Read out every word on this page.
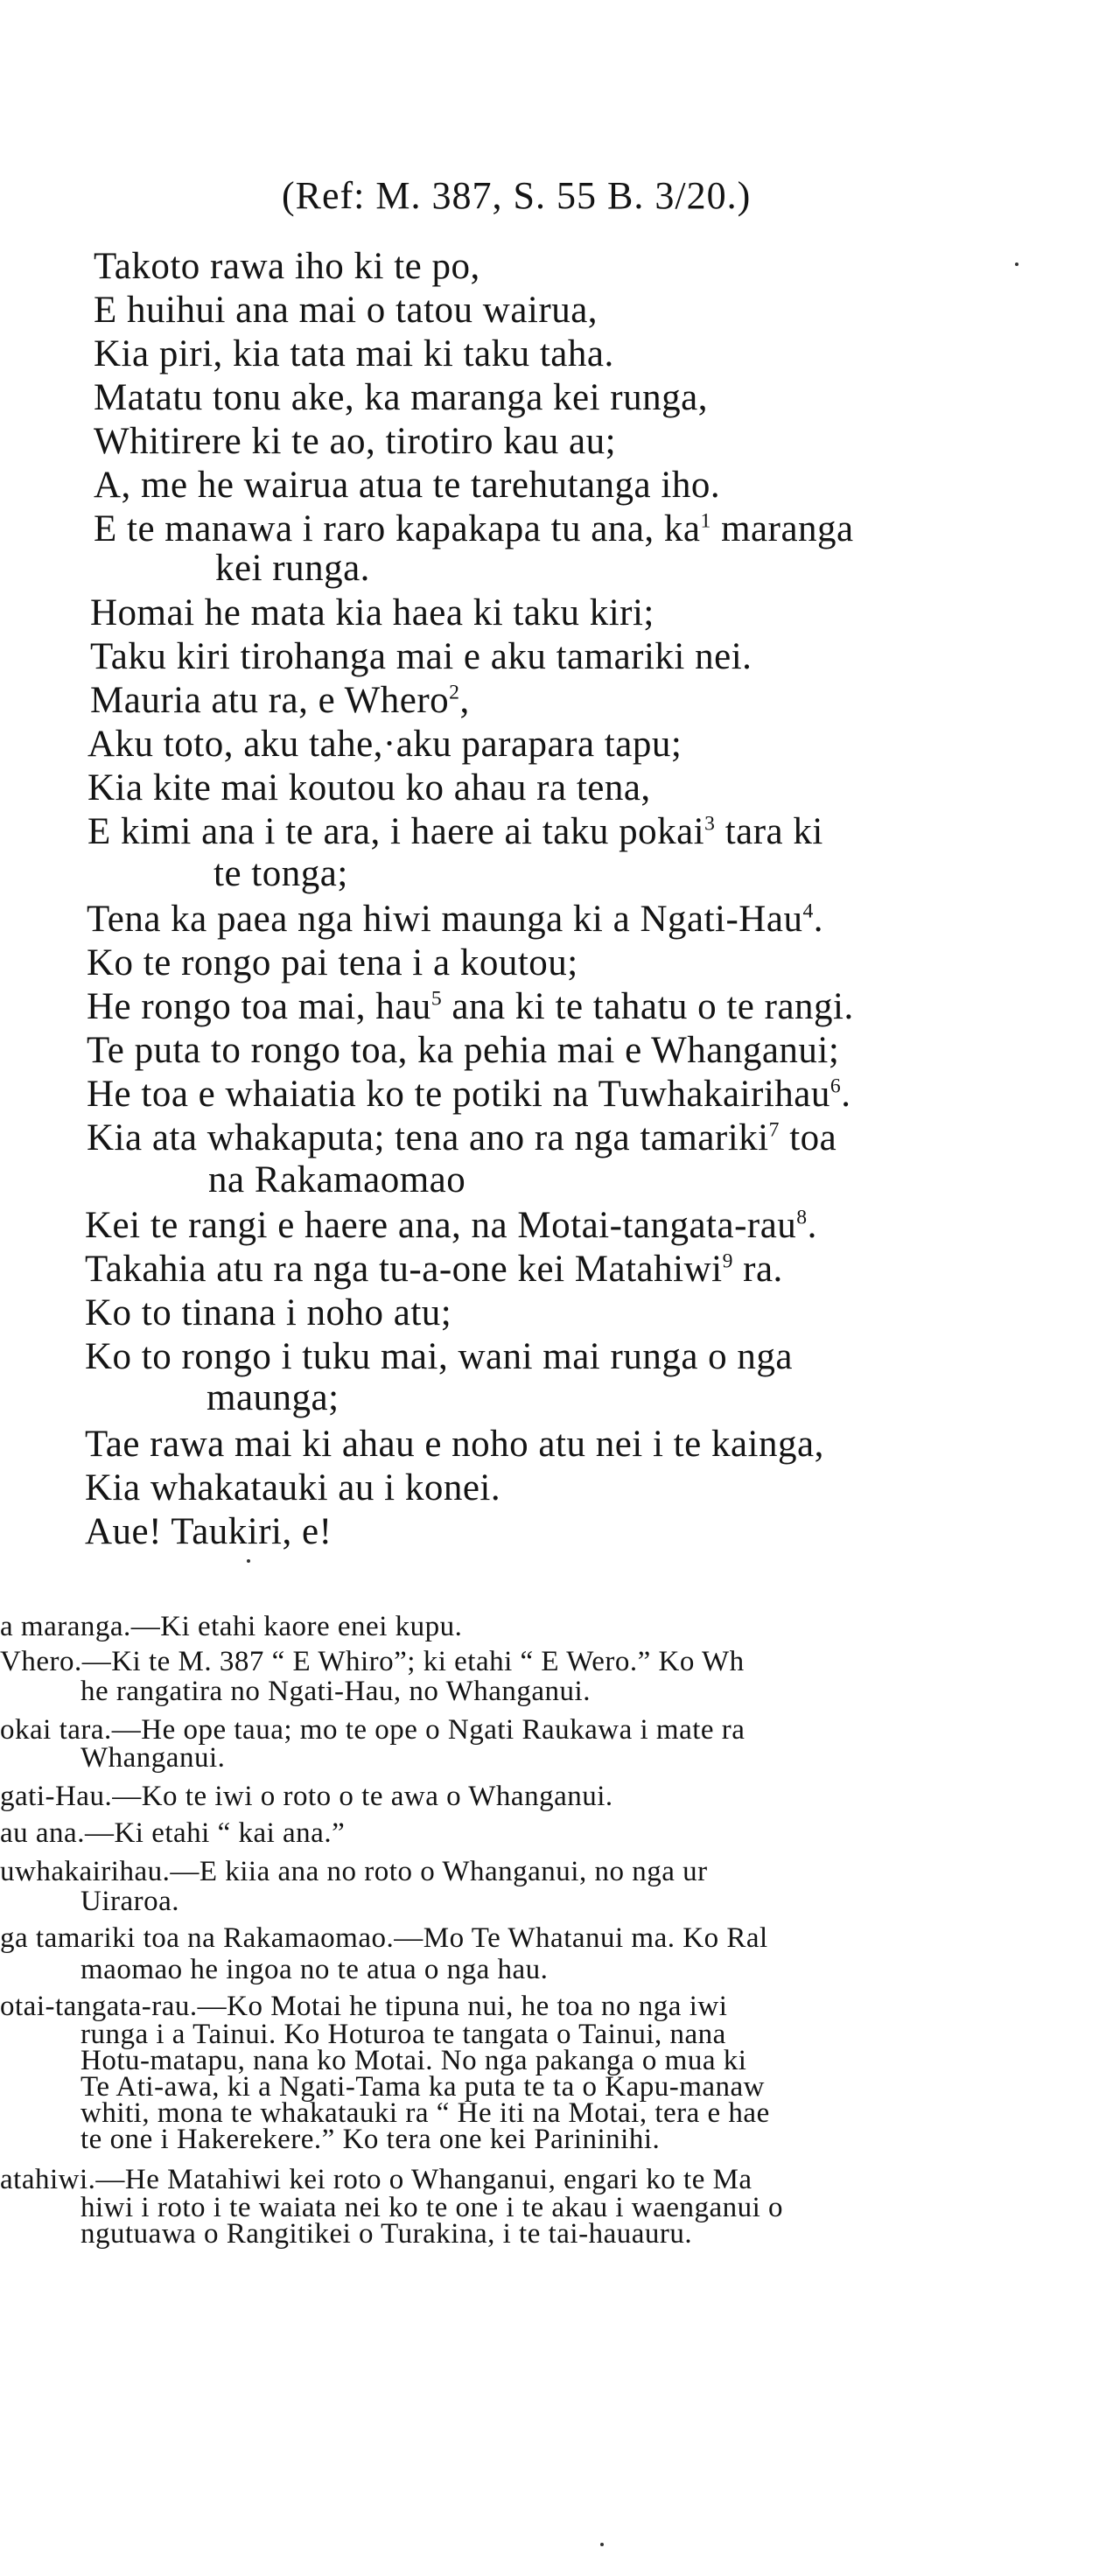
(Ref: M. 387, S. 55 B. 3/20.)
Takoto rawa iho ki te po,
E huihui ana mai o tatou wairua,
Kia piri, kia tata mai ki taku taha.
Matatu tonu ake, ka maranga kei runga,
Whitirere ki te ao, tirotiro kau au;
A, me he wairua atua te tarehutanga iho.
E te manawa i raro kapakapa tu ana, $ka^1$ maranga
kei runga.
Homai he mata kia haea ki taku kiri;
Taku kiri tirohanga mai e aku tamariki nei.
Mauria atu ra, e Whero$^2$,
Aku toto, aku tahe,·aku parapara tapu;
Kia kite mai koutou ko ahau ra tena,
E kimi ana i te ara, i haere ai taku pokai$^3$ tara ki
te tonga;
Tena ka paea nga hiwi maunga ki a Ngati-Hau$^4$.
Ko te rongo pai tena i a koutou;
He rongo toa mai, hau$^5$ ana ki te tahatu o te rangi.
Te puta to rongo toa, ka pehia mai e Whanganui;
He toa e whaiatia ko te potiki na Tuwhakairihau$^6$.
Kia ata whakaputa; tena ano ra nga tamariki$^7$ toa
na Rakamaomao
Kei te rangi e haere ana, na Motai-tangata-rau$^8$.
Takahia atu ra nga tu-a-one kei Matahiwi$^9$ ra.
Ko to tinana i noho atu;
Ko to rongo i tuku mai, wani mai runga o nga
maunga;
Tae rawa mai ki ahau e noho atu nei i te kainga,
Kia whakatauki au i konei.
Aue! Taukiri, e!
a maranga.—Ki etahi kaore enei kupu.
Vhero.—Ki te M. 387 “ E Whiro”; ki etahi “ E Wero.” Ko Wh
he rangatira no Ngati-Hau, no Whanganui.
okai tara.—He ope taua; mo te ope o Ngati Raukawa i mate ra
Whanganui.
gati-Hau.—Ko te iwi o roto o te awa o Whanganui.
au ana.—Ki etahi “ kai ana.”
uwhakairihau.—E kiia ana no roto o Whanganui, no nga ur
Uiraroa.
ga tamariki toa na Rakamaomao.—Mo Te Whatanui ma. Ko Ral
maomao he ingoa no te atua o nga hau.
otai-tangata-rau.—Ko Motai he tipuna nui, he toa no nga iwi
runga i a Tainui. Ko Hoturoa te tangata o Tainui, nana
Hotu-matapu, nana ko Motai. No nga pakanga o mua ki
Te Ati-awa, ki a Ngati-Tama ka puta te ta o Kapu-manaw
whiti, mona te whakatauki ra “ He iti na Motai, tera e hae
te one i Hakerekere.” Ko tera one kei Parininihi.
atahiwi.—He Matahiwi kei roto o Whanganui, engari ko te Ma
hiwi i roto i te waiata nei ko te one i te akau i waenganui o
ngutuawa o Rangitikei o Turakina, i te tai-hauauru.
